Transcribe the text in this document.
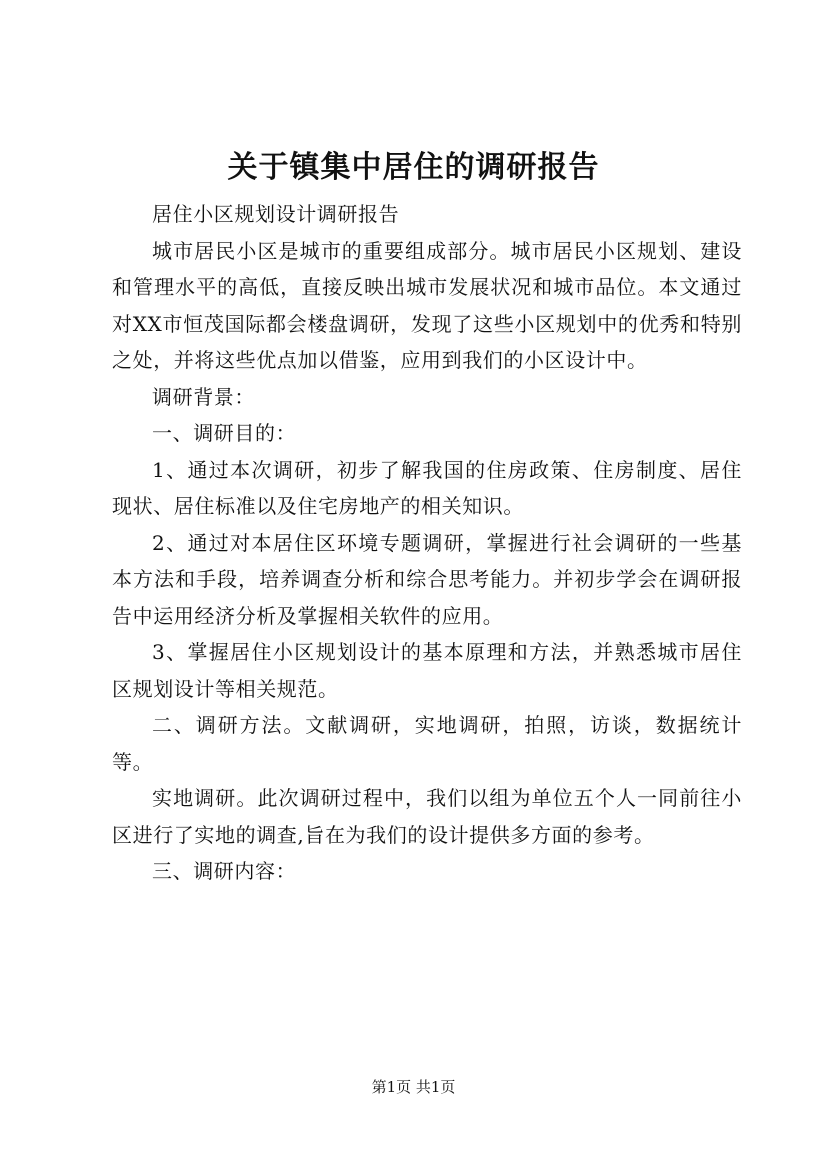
关于镇集中居住的调研报告

居住小区规划设计调研报告

城市居民小区是城市的重要组成部分。城市居民小区规划、建设和管理水平的高低，直接反映出城市发展状况和城市品位。本文通过对XX市恒茂国际都会楼盘调研，发现了这些小区规划中的优秀和特别之处，并将这些优点加以借鉴，应用到我们的小区设计中。

调研背景：

一、调研目的：

1、通过本次调研，初步了解我国的住房政策、住房制度、居住现状、居住标准以及住宅房地产的相关知识。

2、通过对本居住区环境专题调研，掌握进行社会调研的一些基本方法和手段，培养调查分析和综合思考能力。并初步学会在调研报告中运用经济分析及掌握相关软件的应用。

3、掌握居住小区规划设计的基本原理和方法，并熟悉城市居住区规划设计等相关规范。

二、调研方法。文献调研，实地调研，拍照，访谈，数据统计等。

实地调研。此次调研过程中，我们以组为单位五个人一同前往小区进行了实地的调查,旨在为我们的设计提供多方面的参考。

三、调研内容：

第1页 共1页
